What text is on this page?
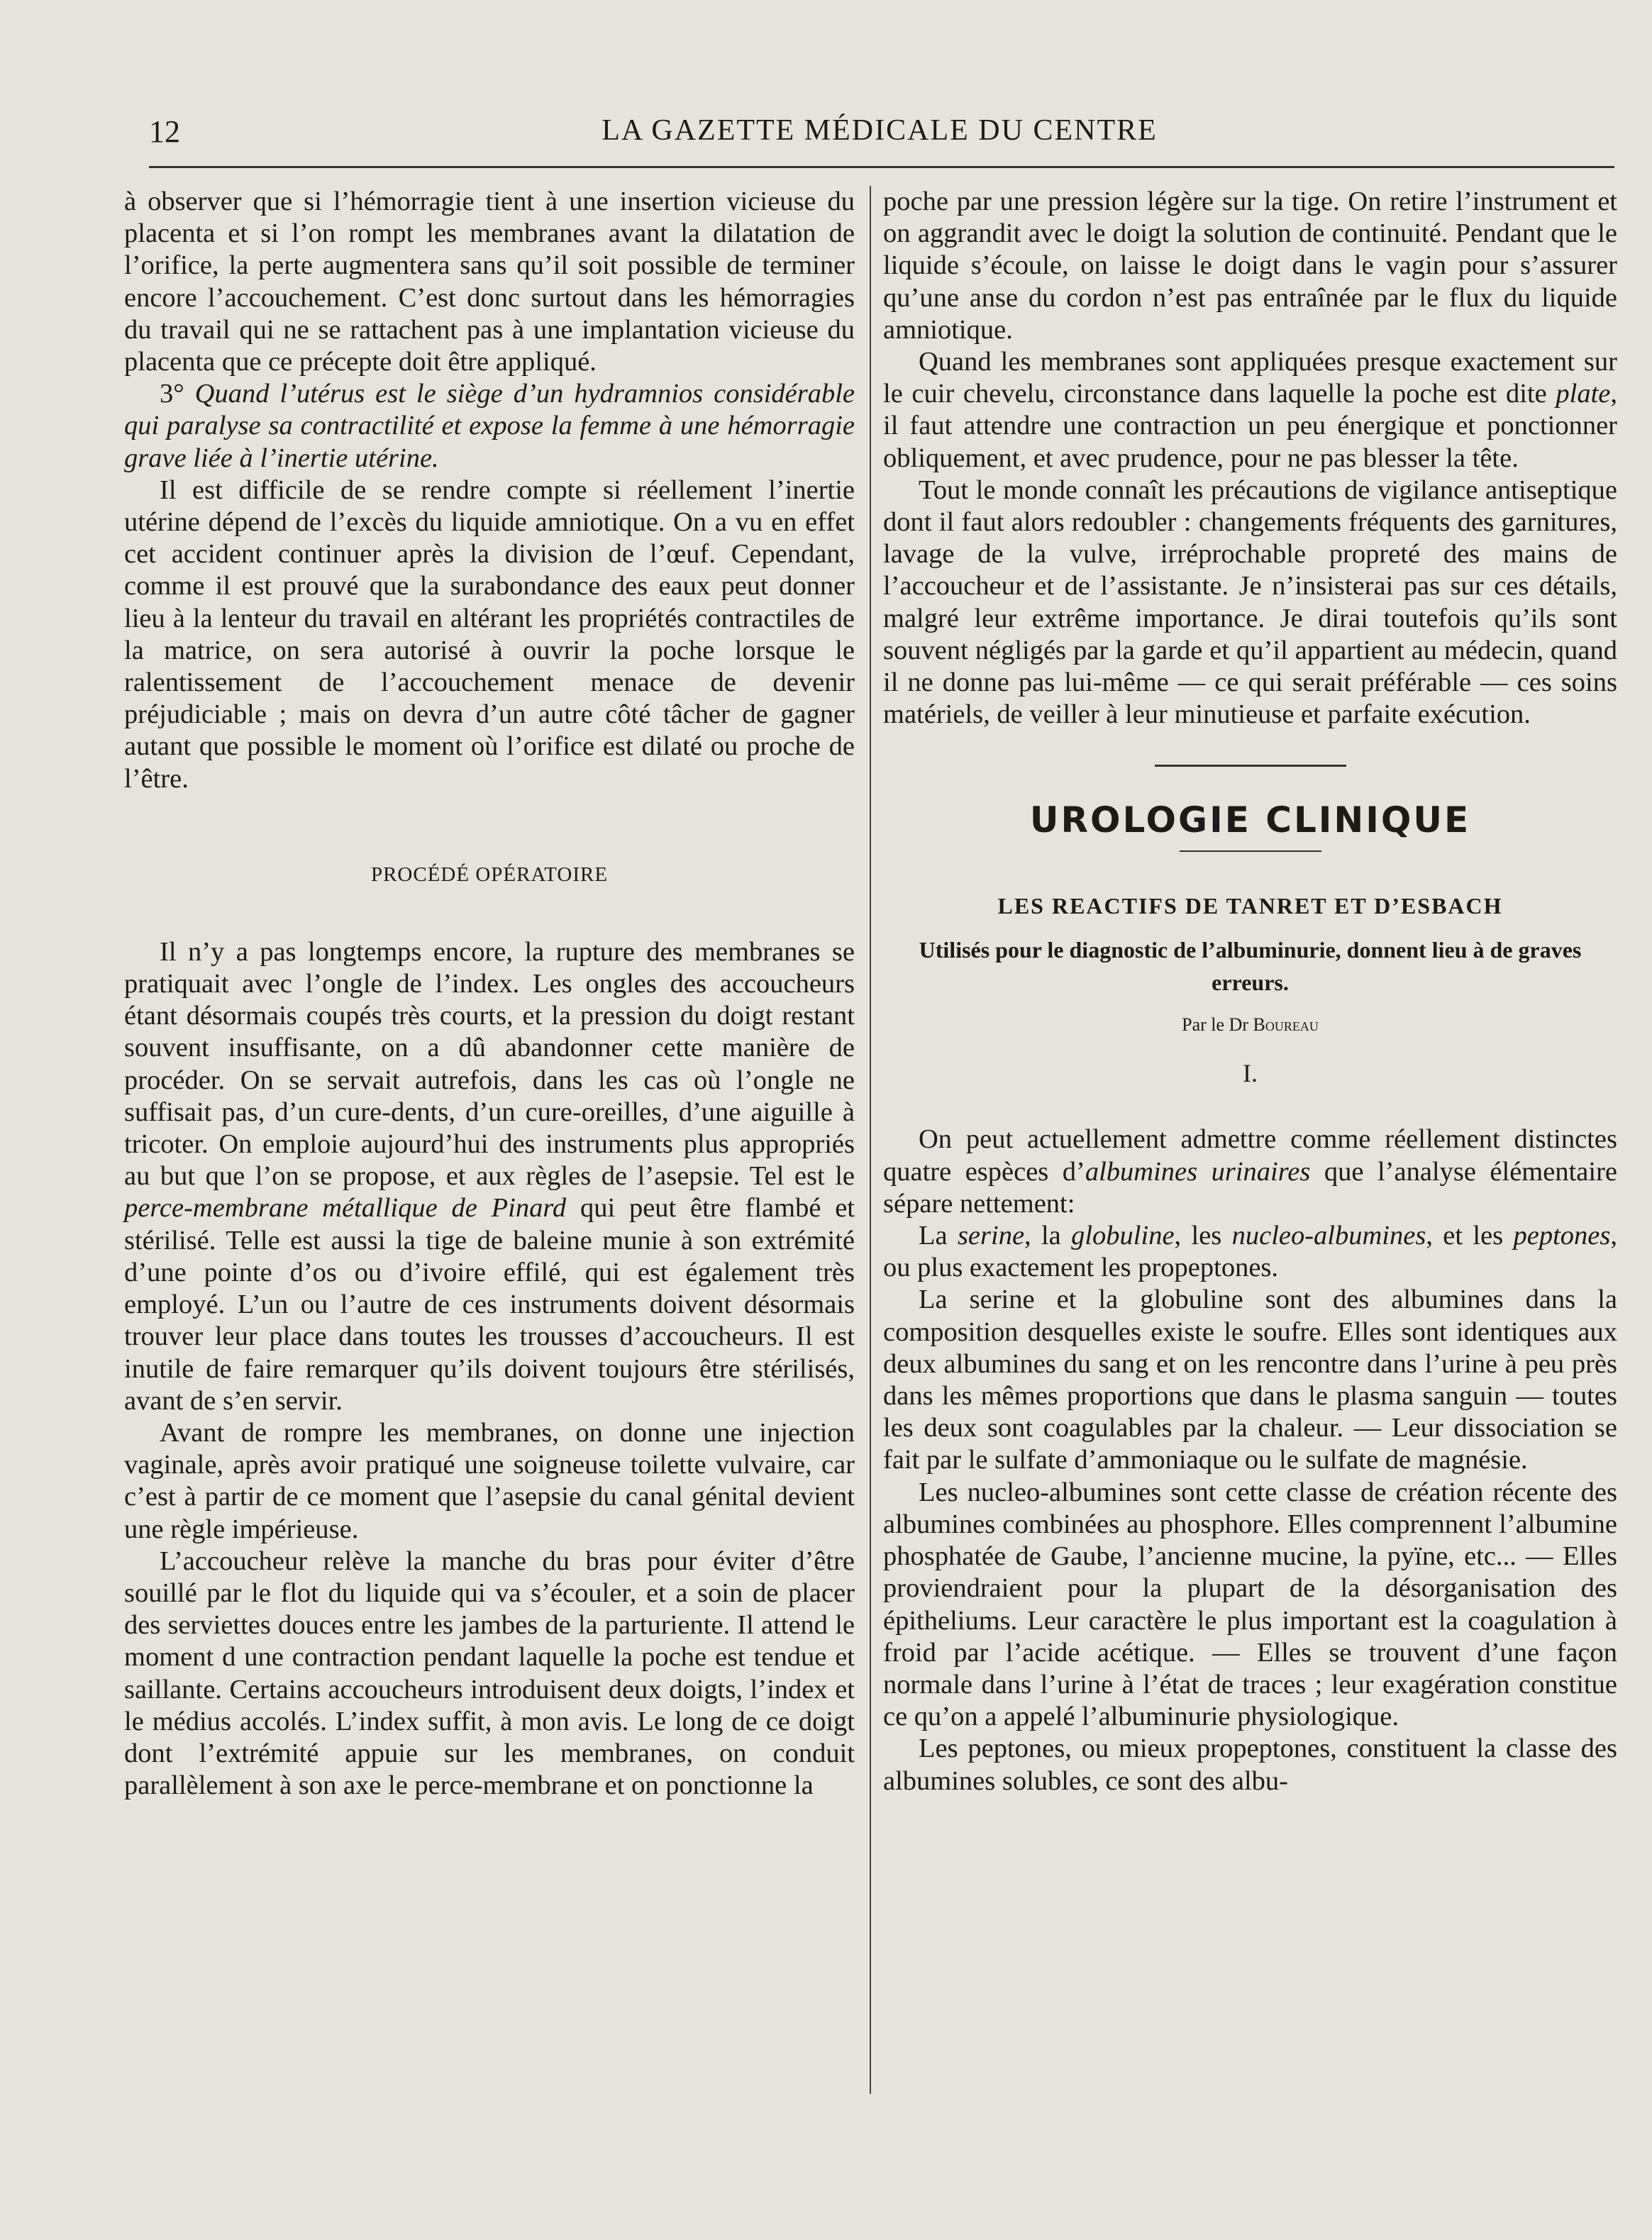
12	LA GAZETTE MÉDICALE DU CENTRE

à observer que si l’hémorragie tient à une insertion vicieuse du placenta et si l’on rompt les membranes avant la dilatation de l’orifice, la perte augmentera sans qu’il soit possible de terminer encore l’accouchement. C’est donc surtout dans les hémorragies du travail qui ne se rattachent pas à une implantation vicieuse du placenta que ce précepte doit être appliqué.

3° Quand l’utérus est le siège d’un hydramnios considérable qui paralyse sa contractilité et expose la femme à une hémorragie grave liée à l’inertie utérine.

Il est difficile de se rendre compte si réellement l’inertie utérine dépend de l’excès du liquide amniotique. On a vu en effet cet accident continuer après la division de l’œuf. Cependant, comme il est prouvé que la surabondance des eaux peut donner lieu à la lenteur du travail en altérant les propriétés contractiles de la matrice, on sera autorisé à ouvrir la poche lorsque le ralentissement de l’accouchement menace de devenir préjudiciable ; mais on devra d’un autre côté tâcher de gagner autant que possible le moment où l’orifice est dilaté ou proche de l’être.

PROCÉDÉ OPÉRATOIRE

Il n’y a pas longtemps encore, la rupture des membranes se pratiquait avec l’ongle de l’index. Les ongles des accoucheurs étant désormais coupés très courts, et la pression du doigt restant souvent insuffisante, on a dû abandonner cette manière de procéder. On se servait autrefois, dans les cas où l’ongle ne suffisait pas, d’un cure-dents, d’un cure-oreilles, d’une aiguille à tricoter. On emploie aujourd’hui des instruments plus appropriés au but que l’on se propose, et aux règles de l’asepsie. Tel est le perce-membrane métallique de Pinard qui peut être flambé et stérilisé. Telle est aussi la tige de baleine munie à son extrémité d’une pointe d’os ou d’ivoire effilé, qui est également très employé. L’un ou l’autre de ces instruments doivent désormais trouver leur place dans toutes les trousses d’accoucheurs. Il est inutile de faire remarquer qu’ils doivent toujours être stérilisés, avant de s’en servir.

Avant de rompre les membranes, on donne une injection vaginale, après avoir pratiqué une soigneuse toilette vulvaire, car c’est à partir de ce moment que l’asepsie du canal génital devient une règle impérieuse.

L’accoucheur relève la manche du bras pour éviter d’être souillé par le flot du liquide qui va s’écouler, et a soin de placer des serviettes douces entre les jambes de la parturiente. Il attend le moment d une contraction pendant laquelle la poche est tendue et saillante. Certains accoucheurs introduisent deux doigts, l’index et le médius accolés. L’index suffit, à mon avis. Le long de ce doigt dont l’extrémité appuie sur les membranes, on conduit parallèlement à son axe le perce-membrane et on ponctionne la

poche par une pression légère sur la tige. On retire l’instrument et on aggrandit avec le doigt la solution de continuité. Pendant que le liquide s’écoule, on laisse le doigt dans le vagin pour s’assurer qu’une anse du cordon n’est pas entraînée par le flux du liquide amniotique.

Quand les membranes sont appliquées presque exactement sur le cuir chevelu, circonstance dans laquelle la poche est dite plate, il faut attendre une contraction un peu énergique et ponctionner obliquement, et avec prudence, pour ne pas blesser la tête.

Tout le monde connaît les précautions de vigilance antiseptique dont il faut alors redoubler : changements fréquents des garnitures, lavage de la vulve, irréprochable propreté des mains de l’accoucheur et de l’assistante. Je n’insisterai pas sur ces détails, malgré leur extrême importance. Je dirai toutefois qu’ils sont souvent négligés par la garde et qu’il appartient au médecin, quand il ne donne pas lui-même — ce qui serait préférable — ces soins matériels, de veiller à leur minutieuse et parfaite exécution.

UROLOGIE CLINIQUE
LES REACTIFS DE TANRET ET D’ESBACH
Utilisés pour le diagnostic de l’albuminurie, donnent lieu à de graves erreurs.
Par le Dr Boureau
I.

On peut actuellement admettre comme réellement distinctes quatre espèces d’albumines urinaires que l’analyse élémentaire sépare nettement:

La serine, la globuline, les nucleo-albumines, et les peptones, ou plus exactement les propeptones.

La serine et la globuline sont des albumines dans la composition desquelles existe le soufre. Elles sont identiques aux deux albumines du sang et on les rencontre dans l’urine à peu près dans les mêmes proportions que dans le plasma sanguin — toutes les deux sont coagulables par la chaleur. — Leur dissociation se fait par le sulfate d’ammoniaque ou le sulfate de magnésie.

Les nucleo-albumines sont cette classe de création récente des albumines combinées au phosphore. Elles comprennent l’albumine phosphatée de Gaube, l’ancienne mucine, la pyïne, etc... — Elles proviendraient pour la plupart de la désorganisation des épitheliums. Leur caractère le plus important est la coagulation à froid par l’acide acétique. — Elles se trouvent d’une façon normale dans l’urine à l’état de traces ; leur exagération constitue ce qu’on a appelé l’albuminurie physiologique.

Les peptones, ou mieux propeptones, constituent la classe des albumines solubles, ce sont des albu-
